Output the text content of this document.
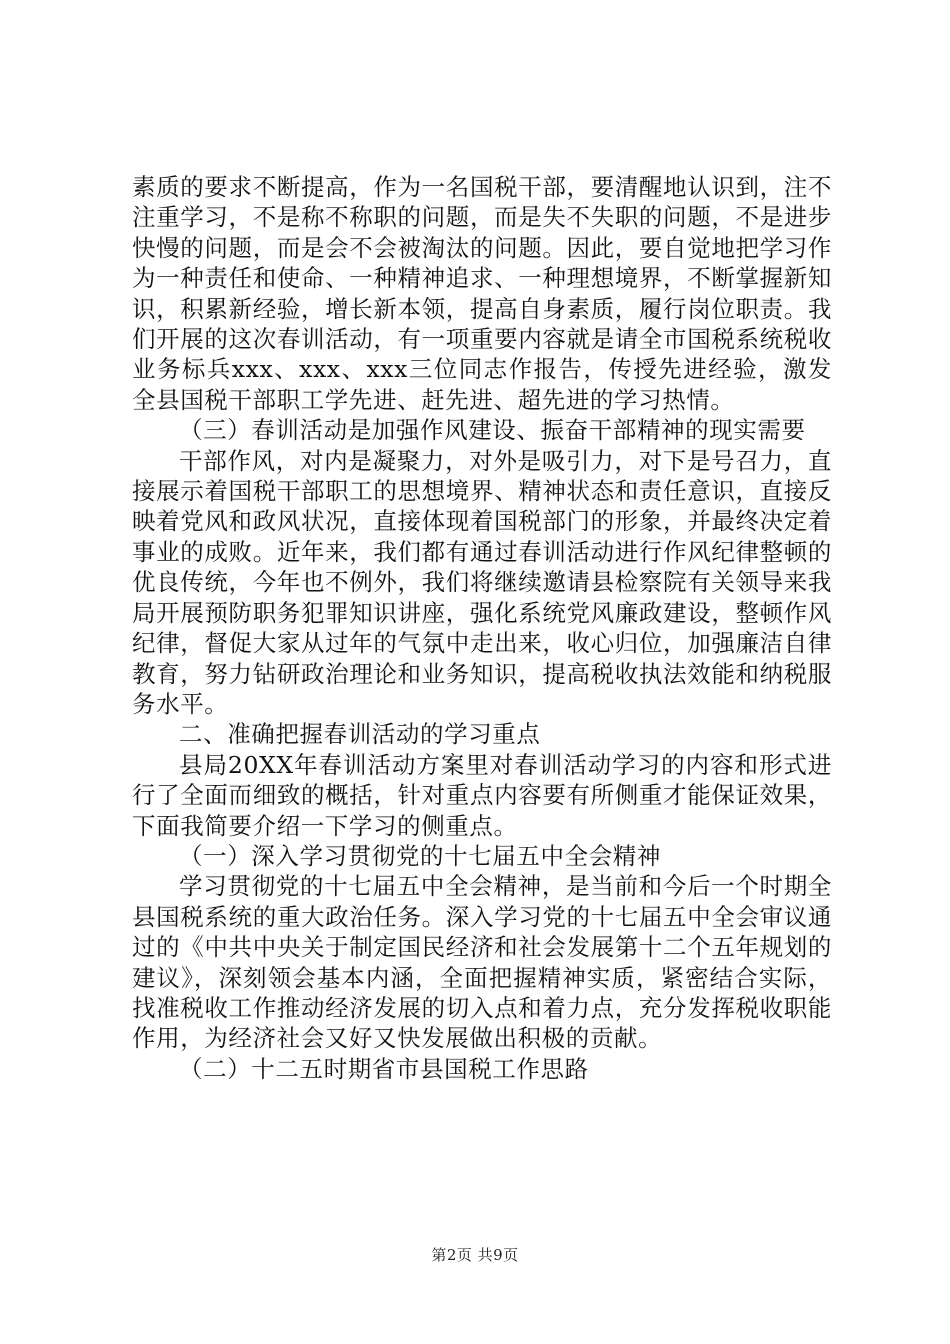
素质的要求不断提高，作为一名国税干部，要清醒地认识到，注不注重学习，不是称不称职的问题，而是失不失职的问题，不是进步快慢的问题，而是会不会被淘汰的问题。因此，要自觉地把学习作为一种责任和使命、一种精神追求、一种理想境界，不断掌握新知识，积累新经验，增长新本领，提高自身素质，履行岗位职责。我们开展的这次春训活动，有一项重要内容就是请全市国税系统税收业务标兵xxx、xxx、xxx三位同志作报告，传授先进经验，激发全县国税干部职工学先进、赶先进、超先进的学习热情。

（三）春训活动是加强作风建设、振奋干部精神的现实需要

干部作风，对内是凝聚力，对外是吸引力，对下是号召力，直接展示着国税干部职工的思想境界、精神状态和责任意识，直接反映着党风和政风状况，直接体现着国税部门的形象，并最终决定着事业的成败。近年来，我们都有通过春训活动进行作风纪律整顿的优良传统，今年也不例外，我们将继续邀请县检察院有关领导来我局开展预防职务犯罪知识讲座，强化系统党风廉政建设，整顿作风纪律，督促大家从过年的气氛中走出来，收心归位，加强廉洁自律教育，努力钻研政治理论和业务知识，提高税收执法效能和纳税服务水平。

二、准确把握春训活动的学习重点

县局20XX年春训活动方案里对春训活动学习的内容和形式进行了全面而细致的概括，针对重点内容要有所侧重才能保证效果，下面我简要介绍一下学习的侧重点。

（一）深入学习贯彻党的十七届五中全会精神

学习贯彻党的十七届五中全会精神，是当前和今后一个时期全县国税系统的重大政治任务。深入学习党的十七届五中全会审议通过的《中共中央关于制定国民经济和社会发展第十二个五年规划的建议》，深刻领会基本内涵，全面把握精神实质，紧密结合实际，找准税收工作推动经济发展的切入点和着力点，充分发挥税收职能作用，为经济社会又好又快发展做出积极的贡献。

（二）十二五时期省市县国税工作思路

第2页 共9页
